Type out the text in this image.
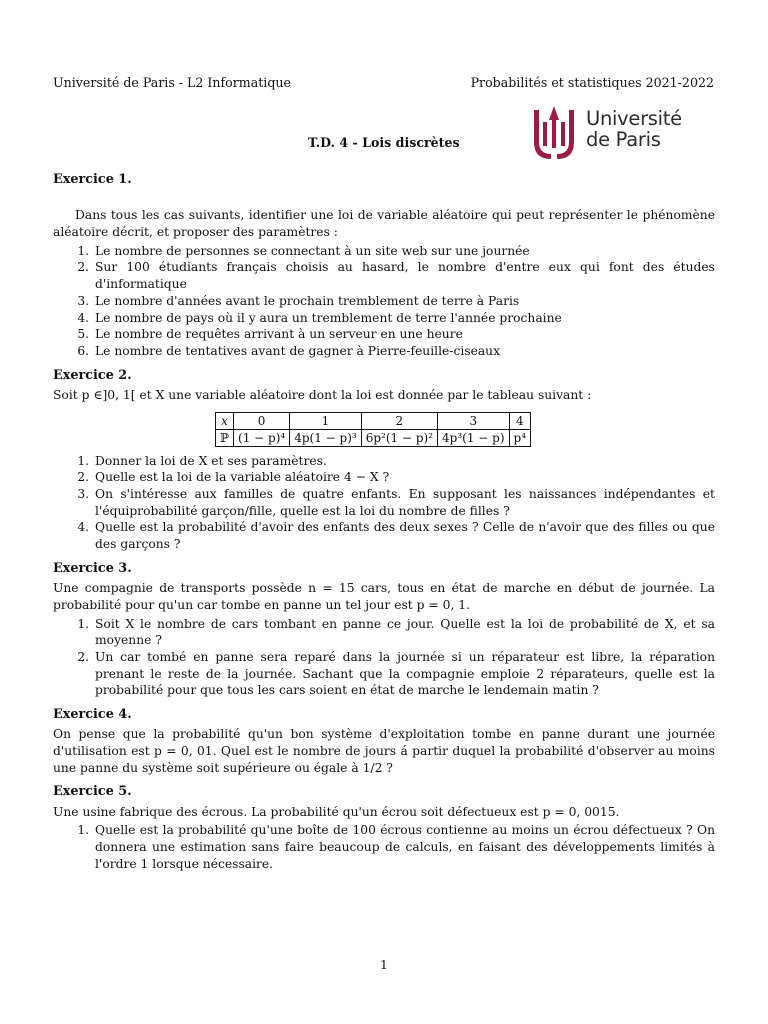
Université de Paris - L2 Informatique	Probabilités et statistiques 2021-2022
Université
de Paris
T.D. 4 - Lois discrètes
Exercice 1.

Dans tous les cas suivants, identifier une loi de variable aléatoire qui peut représenter le phénomène aléatoire décrit, et proposer des paramètres :

1. Le nombre de personnes se connectant à un site web sur une journée
2. Sur 100 étudiants français choisis au hasard, le nombre d'entre eux qui font des études d'informatique
3. Le nombre d'années avant le prochain tremblement de terre à Paris
4. Le nombre de pays où il y aura un tremblement de terre l'année prochaine
5. Le nombre de requêtes arrivant à un serveur en une heure
6. Le nombre de tentatives avant de gagner à Pierre-feuille-ciseaux
Exercice 2.

Soit p ∈]0, 1[ et X une variable aléatoire dont la loi est donnée par le tableau suivant :

x	0	1	2	3	4
ℙ	(1 − p)⁴	4p(1 − p)³	6p²(1 − p)²	4p³(1 − p)	p⁴
1. Donner la loi de X et ses paramètres.
2. Quelle est la loi de la variable aléatoire 4 − X ?
3. On s'intéresse aux familles de quatre enfants. En supposant les naissances indépendantes et l'équiprobabilité garçon/fille, quelle est la loi du nombre de filles ?
4. Quelle est la probabilité d'avoir des enfants des deux sexes ? Celle de n'avoir que des filles ou que des garçons ?
Exercice 3.

Une compagnie de transports possède n = 15 cars, tous en état de marche en début de journée. La probabilité pour qu'un car tombe en panne un tel jour est p = 0, 1.

1. Soit X le nombre de cars tombant en panne ce jour. Quelle est la loi de probabilité de X, et sa moyenne ?
2. Un car tombé en panne sera reparé dans la journée si un réparateur est libre, la réparation prenant le reste de la journée. Sachant que la compagnie emploie 2 réparateurs, quelle est la probabilité pour que tous les cars soient en état de marche le lendemain matin ?
Exercice 4.

On pense que la probabilité qu'un bon système d'exploitation tombe en panne durant une journée d'utilisation est p = 0, 01. Quel est le nombre de jours á partir duquel la probabilité d'observer au moins une panne du système soit supérieure ou égale à 1/2 ?

Exercice 5.

Une usine fabrique des écrous. La probabilité qu'un écrou soit défectueux est p = 0, 0015.

1. Quelle est la probabilité qu'une boîte de 100 écrous contienne au moins un écrou défectueux ? On donnera une estimation sans faire beaucoup de calculs, en faisant des développements limités à l'ordre 1 lorsque nécessaire.
1
